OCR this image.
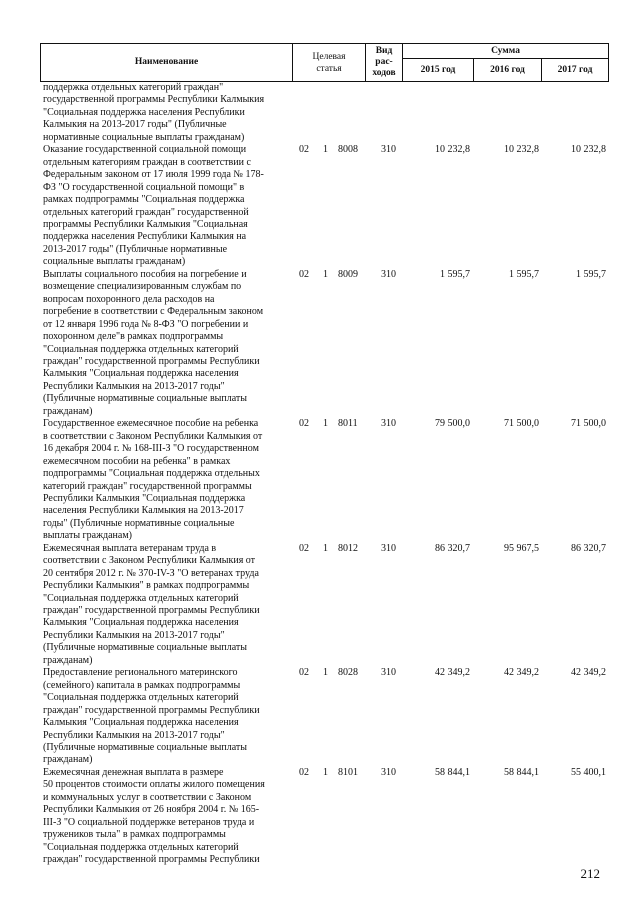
Наименование	Целевая статья	Вид
рас-
ходов	Сумма		
			2015 год	2016 год	2017 год
поддержка отдельных категорий граждан"
государственной программы Республики Калмыкия
"Социальная поддержка населения Республики
Калмыкия на 2013-2017 годы" (Публичные
нормативные социальные выплаты гражданам)
Оказание государственной социальной помощи
отдельным категориям граждан в соответствии с
Федеральным законом от 17 июля 1999 года № 178-
ФЗ "О государственной социальной помощи" в
рамках подпрограммы "Социальная поддержка
отдельных категорий граждан" государственной
программы Республики Калмыкия "Социальная
поддержка населения Республики Калмыкия на
2013-2017 годы" (Публичные нормативные
социальные выплаты гражданам)
02 1 8008 310	10 232,8	10 232,8	10 232,8
Выплаты социального пособия на погребение и
возмещение специализированным службам по
вопросам похоронного дела расходов на
погребение в соответствии с Федеральным законом
от 12 января 1996 года № 8-ФЗ "О погребении и
похоронном деле"в рамках подпрограммы
"Социальная поддержка отдельных категорий
граждан" государственной программы Республики
Калмыкия "Социальная поддержка населения
Республики Калмыкия на 2013-2017 годы"
(Публичные нормативные социальные выплаты
гражданам)
02 1 8009 310	1 595,7	1 595,7	1 595,7
Государственное ежемесячное пособие на ребенка
в соответствии с Законом Республики Калмыкия от
16 декабря 2004 г. № 168-III-З "О государственном
ежемесячном пособии на ребенка" в рамках
подпрограммы "Социальная поддержка отдельных
категорий граждан" государственной программы
Республики Калмыкия "Социальная поддержка
населения Республики Калмыкия на 2013-2017
годы" (Публичные нормативные социальные
выплаты гражданам)
02 1 8011 310	79 500,0	71 500,0	71 500,0
Ежемесячная выплата ветеранам труда в
соответствии с Законом Республики Калмыкия от
20 сентября 2012 г. № 370-IV-З "О ветеранах труда
Республики Калмыкия" в рамках подпрограммы
"Социальная поддержка отдельных категорий
граждан" государственной программы Республики
Калмыкия "Социальная поддержка населения
Республики Калмыкия на 2013-2017 годы"
(Публичные нормативные социальные выплаты
гражданам)
02 1 8012 310	86 320,7	95 967,5	86 320,7
Предоставление регионального материнского
(семейного) капитала в рамках подпрограммы
"Социальная поддержка отдельных категорий
граждан" государственной программы Республики
Калмыкия "Социальная поддержка населения
Республики Калмыкия на 2013-2017 годы"
(Публичные нормативные социальные выплаты
гражданам)
02 1 8028 310	42 349,2	42 349,2	42 349,2
Ежемесячная денежная выплата в размере
50 процентов стоимости оплаты жилого помещения
и коммунальных услуг в соответствии с Законом
Республики Калмыкия от 26 ноября 2004 г. № 165-
III-З "О социальной поддержке ветеранов труда и
тружеников тыла" в рамках подпрограммы
"Социальная поддержка отдельных категорий
граждан" государственной программы Республики
02 1 8101 310	58 844,1	58 844,1	55 400,1
212
